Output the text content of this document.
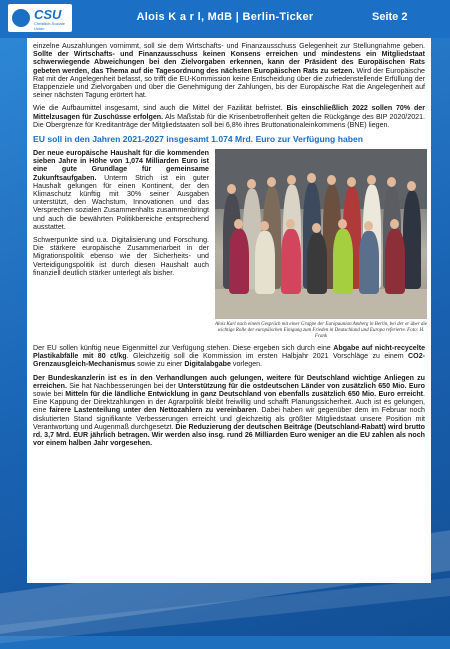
CSU
Christlich-Soziale Union
Alois K a r l, MdB | Berlin-Ticker	Seite 2

einzelne Auszahlungen vornimmt, soll sie dem Wirtschafts- und Finanzausschuss Gelegenheit zur Stellungnahme geben. Sollte der Wirtschafts- und Finanzausschuss keinen Konsens erreichen und mindestens ein Mitgliedstaat schwerwiegende Abweichungen bei den Zielvorgaben erkennen, kann der Präsident des Europäischen Rats gebeten werden, das Thema auf die Tagesordnung des nächsten Europäischen Rats zu setzen. Wird der Europäische Rat mit der Angelegenheit befasst, so trifft die EU-Kommission keine Entscheidung über die zufriedenstellende Erfüllung der Etappenziele und Zielvorgaben und über die Genehmigung der Zahlungen, bis der Europäische Rat die Angelegenheit auf seiner nächsten Tagung erörtert hat.

Wie die Aufbaumittel insgesamt, sind auch die Mittel der Fazilität befristet. Bis einschließlich 2022 sollen 70% der Mittelzusagen für Zuschüsse erfolgen. Als Maßstab für die Krisenbetroffenheit gelten die Rückgänge des BIP 2020/2021. Die Obergrenze für Kreditanträge der Mitgliedstaaten soll bei 6,8% ihres Bruttonationaleinkommens (BNE) liegen.

EU soll in den Jahren 2021-2027 insgesamt 1.074 Mrd. Euro zur Verfügung haben

Der neue europäische Haushalt für die kommenden sieben Jahre in Höhe von 1,074 Milliarden Euro ist eine gute Grundlage für gemeinsame Zukunftsaufgaben. Unterm Strich ist ein guter Haushalt gelungen für einen Kontinent, der den Klimaschutz künftig mit 30% seiner Ausgaben unterstützt, den Wachstum, Innovationen und das Versprechen sozialen Zusammenhalts zusammenbringt und auch die bewährten Politikbereiche entsprechend ausstattet.

Schwerpunkte sind u.a. Digitalisierung und Forschung. Die stärkere europäische Zusammenarbeit in der Migrationspolitik ebenso wie der Sicherheits- und Verteidigungspolitik ist durch diesen Haushalt auch finanziell deutlich stärker unterlegt als bisher.

Alois Karl nach einem Gespräch mit einer Gruppe der Europaunion Amberg in Berlin, bei der er über die wichtige Rolle der europäischen Einigung zum Frieden in Deutschland und Europa referierte. Foto: H. Frank

Der EU sollen künftig neue Eigenmittel zur Verfügung stehen. Diese ergeben sich durch eine Abgabe auf nicht-recycelte Plastikabfälle mit 80 ct/kg. Gleichzeitig soll die Kommission im ersten Halbjahr 2021 Vorschläge zu einem CO2-Grenzausgleich-Mechanismus sowie zu einer Digitalabgabe vorlegen.

Der Bundeskanzlerin ist es in den Verhandlungen auch gelungen, weitere für Deutschland wichtige Anliegen zu erreichen. Sie hat Nachbesserungen bei der Unterstützung für die ostdeutschen Länder von zusätzlich 650 Mio. Euro sowie bei Mitteln für die ländliche Entwicklung in ganz Deutschland von ebenfalls zusätzlich 650 Mio. Euro erreicht. Eine Kappung der Direktzahlungen in der Agrarpolitik bleibt freiwillig und schafft Planungssicherheit. Auch ist es gelungen, eine fairere Lastenteilung unter den Nettozahlern zu vereinbaren. Dabei haben wir gegenüber dem im Februar noch diskutierten Stand signifikante Verbesserungen erreicht und gleichzeitig als größter Mitgliedstaat unsere Position mit Verantwortung und Augenmaß durchgesetzt. Die Reduzierung der deutschen Beiträge (Deutschland-Rabatt) wird brutto rd. 3,7 Mrd. EUR jährlich betragen. Wir werden also insg. rund 26 Milliarden Euro weniger an die EU zahlen als noch vor einem halben Jahr vorgesehen.
